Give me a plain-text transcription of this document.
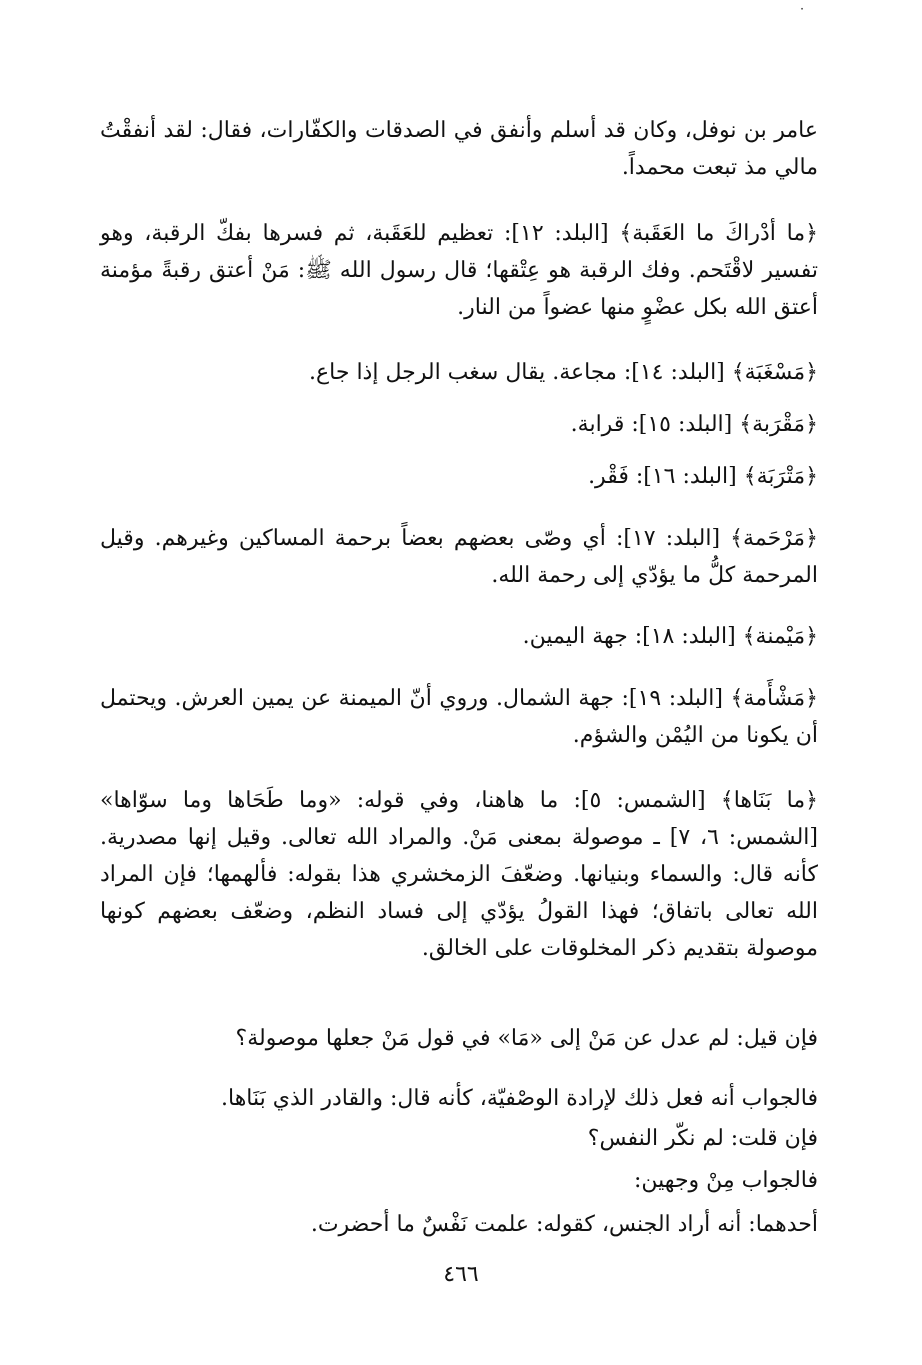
·

عامر بن نوفل، وكان قد أسلم وأنفق في الصدقات والكفّارات، فقال: لقد أنفقْتُ مالي مذ تبعت محمداً.

﴿ما أدْراكَ ما العَقَبة﴾ [البلد: ١٢]: تعظيم للعَقَبة، ثم فسرها بفكّ الرقبة، وهو تفسير لاقْتَحم. وفك الرقبة هو عِتْقها؛ قال رسول الله ﷺ: مَنْ أعتق رقبةً مؤمنة أعتق الله بكل عضْوٍ منها عضواً من النار.

﴿مَسْغَبَة﴾ [البلد: ١٤]: مجاعة. يقال سغب الرجل إذا جاع.

﴿مَقْرَبة﴾ [البلد: ١٥]: قرابة.

﴿مَتْرَبَة﴾ [البلد: ١٦]: فَقْر.

﴿مَرْحَمة﴾ [البلد: ١٧]: أي وصّى بعضهم بعضاً برحمة المساكين وغيرهم. وقيل المرحمة كلُّ ما يؤدّي إلى رحمة الله.

﴿مَيْمنة﴾ [البلد: ١٨]: جهة اليمين.

﴿مَشْأَمة﴾ [البلد: ١٩]: جهة الشمال. وروي أنّ الميمنة عن يمين العرش. ويحتمل أن يكونا من اليُمْن والشؤم.

﴿ما بَنَاها﴾ [الشمس: ٥]: ما هاهنا، وفي قوله: «وما طَحَاها وما سوّاها» [الشمس: ٦، ٧] ـ موصولة بمعنى مَنْ. والمراد الله تعالى. وقيل إنها مصدرية. كأنه قال: والسماء وبنيانها. وضعّفَ الزمخشري هذا بقوله: فألهمها؛ فإن المراد الله تعالى باتفاق؛ فهذا القولُ يؤدّي إلى فساد النظم، وضعّف بعضهم كونها موصولة بتقديم ذكر المخلوقات على الخالق.

فإن قيل: لم عدل عن مَنْ إلى «مَا» في قول مَنْ جعلها موصولة؟

فالجواب أنه فعل ذلك لإرادة الوصْفيّة، كأنه قال: والقادر الذي بَنَاها.

فإن قلت: لم نكّر النفس؟

فالجواب مِنْ وجهين:

أحدهما: أنه أراد الجنس، كقوله: علمت نَفْسٌ ما أحضرت.

٤٦٦
